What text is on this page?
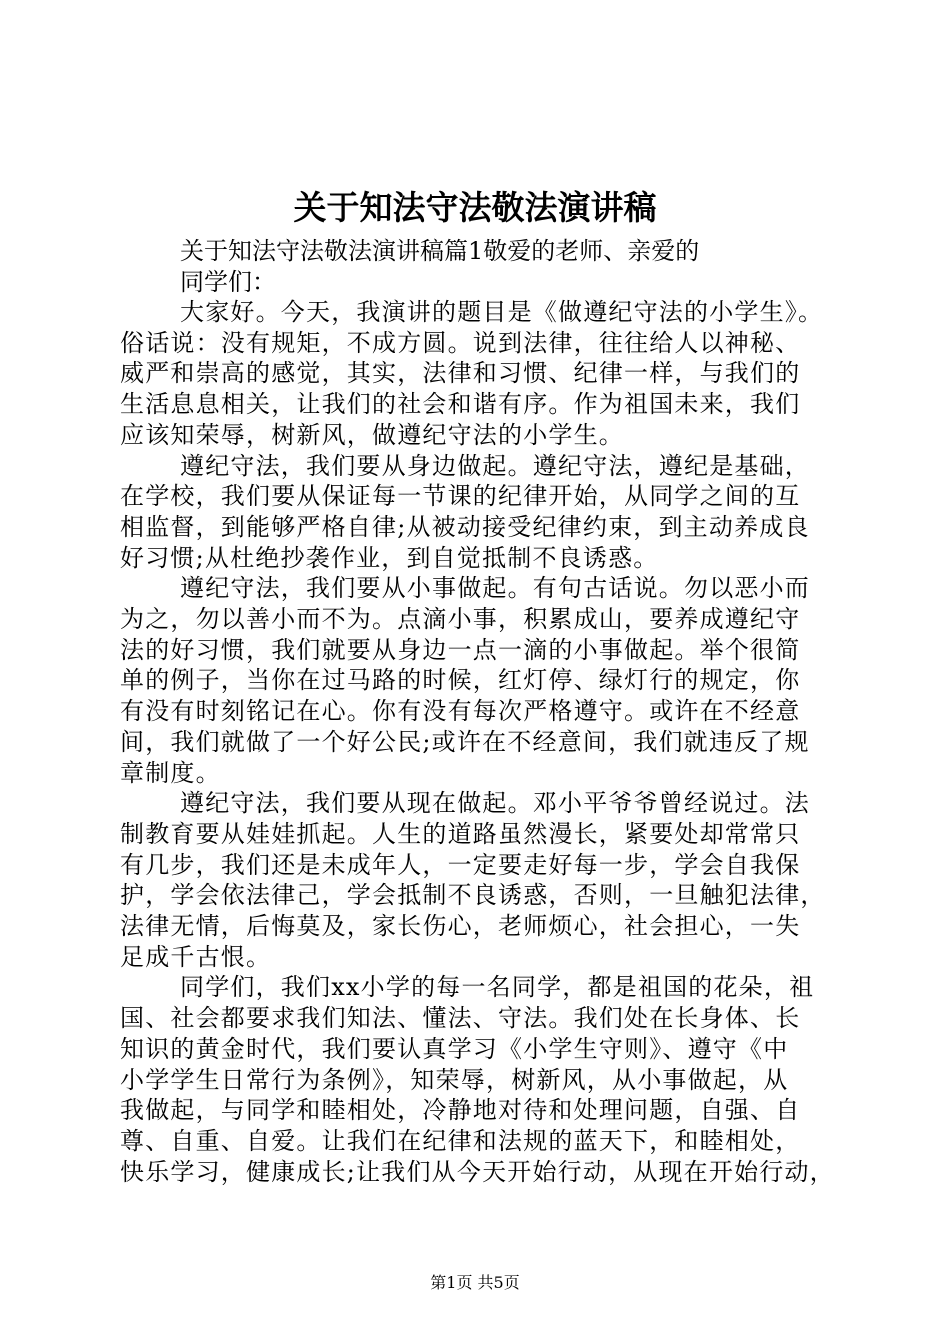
关于知法守法敬法演讲稿
关于知法守法敬法演讲稿篇1敬爱的老师、亲爱的
同学们：
大家好。今天，我演讲的题目是《做遵纪守法的小学生》。
俗话说：没有规矩，不成方圆。说到法律，往往给人以神秘、
威严和崇高的感觉，其实，法律和习惯、纪律一样，与我们的
生活息息相关，让我们的社会和谐有序。作为祖国未来，我们
应该知荣辱，树新风，做遵纪守法的小学生。
遵纪守法，我们要从身边做起。遵纪守法，遵纪是基础，
在学校，我们要从保证每一节课的纪律开始，从同学之间的互
相监督，到能够严格自律;从被动接受纪律约束，到主动养成良
好习惯;从杜绝抄袭作业，到自觉抵制不良诱惑。
遵纪守法，我们要从小事做起。有句古话说。勿以恶小而
为之，勿以善小而不为。点滴小事，积累成山，要养成遵纪守
法的好习惯，我们就要从身边一点一滴的小事做起。举个很简
单的例子，当你在过马路的时候，红灯停、绿灯行的规定，你
有没有时刻铭记在心。你有没有每次严格遵守。或许在不经意
间，我们就做了一个好公民;或许在不经意间，我们就违反了规
章制度。
遵纪守法，我们要从现在做起。邓小平爷爷曾经说过。法
制教育要从娃娃抓起。人生的道路虽然漫长，紧要处却常常只
有几步，我们还是未成年人，一定要走好每一步，学会自我保
护，学会依法律己，学会抵制不良诱惑，否则，一旦触犯法律，
法律无情，后悔莫及，家长伤心，老师烦心，社会担心，一失
足成千古恨。
同学们，我们xx小学的每一名同学，都是祖国的花朵，祖
国、社会都要求我们知法、懂法、守法。我们处在长身体、长
知识的黄金时代，我们要认真学习《小学生守则》、遵守《中
小学学生日常行为条例》，知荣辱，树新风，从小事做起，从
我做起，与同学和睦相处，冷静地对待和处理问题，自强、自
尊、自重、自爱。让我们在纪律和法规的蓝天下，和睦相处，
快乐学习，健康成长;让我们从今天开始行动，从现在开始行动，
第1页 共5页
